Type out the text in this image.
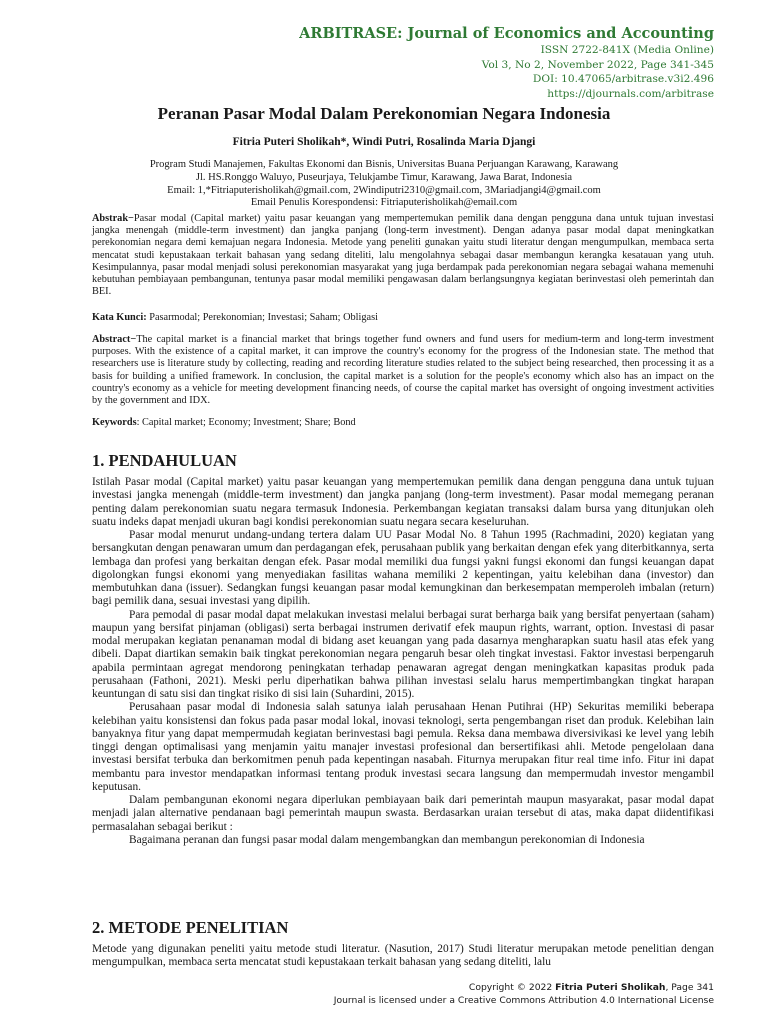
ARBITRASE: Journal of Economics and Accounting
ISSN 2722-841X (Media Online)
Vol 3, No 2, November 2022, Page 341-345
DOI: 10.47065/arbitrase.v3i2.496
https://djournals.com/arbitrase
Peranan Pasar Modal Dalam Perekonomian Negara Indonesia
Fitria Puteri Sholikah*, Windi Putri, Rosalinda Maria Djangi
Program Studi Manajemen, Fakultas Ekonomi dan Bisnis, Universitas Buana Perjuangan Karawang, Karawang
Jl. HS.Ronggo Waluyo, Puseurjaya, Telukjambe Timur, Karawang, Jawa Barat, Indonesia
Email: 1,*Fitriaputerisholikah@gmail.com, 2Windiputri2310@gmail.com, 3Mariadjangi4@gmail.com
Email Penulis Korespondensi: Fitriaputerisholikah@email.com
Abstrak−Pasar modal (Capital market) yaitu pasar keuangan yang mempertemukan pemilik dana dengan pengguna dana untuk tujuan investasi jangka menengah (middle-term investment) dan jangka panjang (long-term investment). Dengan adanya pasar modal dapat meningkatkan perekonomian negara demi kemajuan negara Indonesia. Metode yang peneliti gunakan yaitu studi literatur dengan mengumpulkan, membaca serta mencatat studi kepustakaan terkait bahasan yang sedang diteliti, lalu mengolahnya sebagai dasar membangun kerangka kesatauan yang utuh. Kesimpulannya, pasar modal menjadi solusi perekonomian masyarakat yang juga berdampak pada perekonomian negara sebagai wahana memenuhi kebutuhan pembiayaan pembangunan, tentunya pasar modal memiliki pengawasan dalam berlangsungnya kegiatan berinvestasi oleh pemerintah dan BEI.
Kata Kunci: Pasarmodal; Perekonomian; Investasi; Saham; Obligasi
Abstract−The capital market is a financial market that brings together fund owners and fund users for medium-term and long-term investment purposes. With the existence of a capital market, it can improve the country's economy for the progress of the Indonesian state. The method that researchers use is literature study by collecting, reading and recording literature studies related to the subject being researched, then processing it as a basis for building a unified framework. In conclusion, the capital market is a solution for the people's economy which also has an impact on the country's economy as a vehicle for meeting development financing needs, of course the capital market has oversight of ongoing investment activities by the government and IDX.
Keywords: Capital market; Economy; Investment; Share; Bond
1. PENDAHULUAN

Istilah Pasar modal (Capital market) yaitu pasar keuangan yang mempertemukan pemilik dana dengan pengguna dana untuk tujuan investasi jangka menengah (middle-term investment) dan jangka panjang (long-term investment). Pasar modal memegang peranan penting dalam perekonomian suatu negara termasuk Indonesia. Perkembangan kegiatan transaksi dalam bursa yang ditunjukan oleh suatu indeks dapat menjadi ukuran bagi kondisi perekonomian suatu negara secara keseluruhan.

Pasar modal menurut undang-undang tertera dalam UU Pasar Modal No. 8 Tahun 1995 (Rachmadini, 2020) kegiatan yang bersangkutan dengan penawaran umum dan perdagangan efek, perusahaan publik yang berkaitan dengan efek yang diterbitkannya, serta lembaga dan profesi yang berkaitan dengan efek. Pasar modal memiliki dua fungsi yakni fungsi ekonomi dan fungsi keuangan dapat digolongkan fungsi ekonomi yang menyediakan fasilitas wahana memiliki 2 kepentingan, yaitu kelebihan dana (investor) dan membutuhkan dana (issuer). Sedangkan fungsi keuangan pasar modal kemungkinan dan berkesempatan memperoleh imbalan (return) bagi pemilik dana, sesuai investasi yang dipilih.

Para pemodal di pasar modal dapat melakukan investasi melalui berbagai surat berharga baik yang bersifat penyertaan (saham) maupun yang bersifat pinjaman (obligasi) serta berbagai instrumen derivatif efek maupun rights, warrant, option. Investasi di pasar modal merupakan kegiatan penanaman modal di bidang aset keuangan yang pada dasarnya mengharapkan suatu hasil atas efek yang dibeli. Dapat diartikan semakin baik tingkat perekonomian negara pengaruh besar oleh tingkat investasi. Faktor investasi berpengaruh apabila permintaan agregat mendorong peningkatan terhadap penawaran agregat dengan meningkatkan kapasitas produk pada perusahaan (Fathoni, 2021). Meski perlu diperhatikan bahwa pilihan investasi selalu harus mempertimbangkan tingkat harapan keuntungan di satu sisi dan tingkat risiko di sisi lain (Suhardini, 2015).

Perusahaan pasar modal di Indonesia salah satunya ialah perusahaan Henan Putihrai (HP) Sekuritas memiliki beberapa kelebihan yaitu konsistensi dan fokus pada pasar modal lokal, inovasi teknologi, serta pengembangan riset dan produk. Kelebihan lain banyaknya fitur yang dapat mempermudah kegiatan berinvestasi bagi pemula. Reksa dana membawa diversivikasi ke level yang lebih tinggi dengan optimalisasi yang menjamin yaitu manajer investasi profesional dan bersertifikasi ahli. Metode pengelolaan dana investasi bersifat terbuka dan berkomitmen penuh pada kepentingan nasabah. Fiturnya merupakan fitur real time info. Fitur ini dapat membantu para investor mendapatkan informasi tentang produk investasi secara langsung dan mempermudah investor mengambil keputusan.

Dalam pembangunan ekonomi negara diperlukan pembiayaan baik dari pemerintah maupun masyarakat, pasar modal dapat menjadi jalan alternative pendanaan bagi pemerintah maupun swasta. Berdasarkan uraian tersebut di atas, maka dapat diidentifikasi permasalahan sebagai berikut :

Bagaimana peranan dan fungsi pasar modal dalam mengembangkan dan membangun perekonomian di Indonesia

2. METODE PENELITIAN

Metode yang digunakan peneliti yaitu metode studi literatur. (Nasution, 2017) Studi literatur merupakan metode penelitian dengan mengumpulkan, membaca serta mencatat studi kepustakaan terkait bahasan yang sedang diteliti, lalu

Copyright © 2022 Fitria Puteri Sholikah, Page 341
Journal is licensed under a Creative Commons Attribution 4.0 International License
